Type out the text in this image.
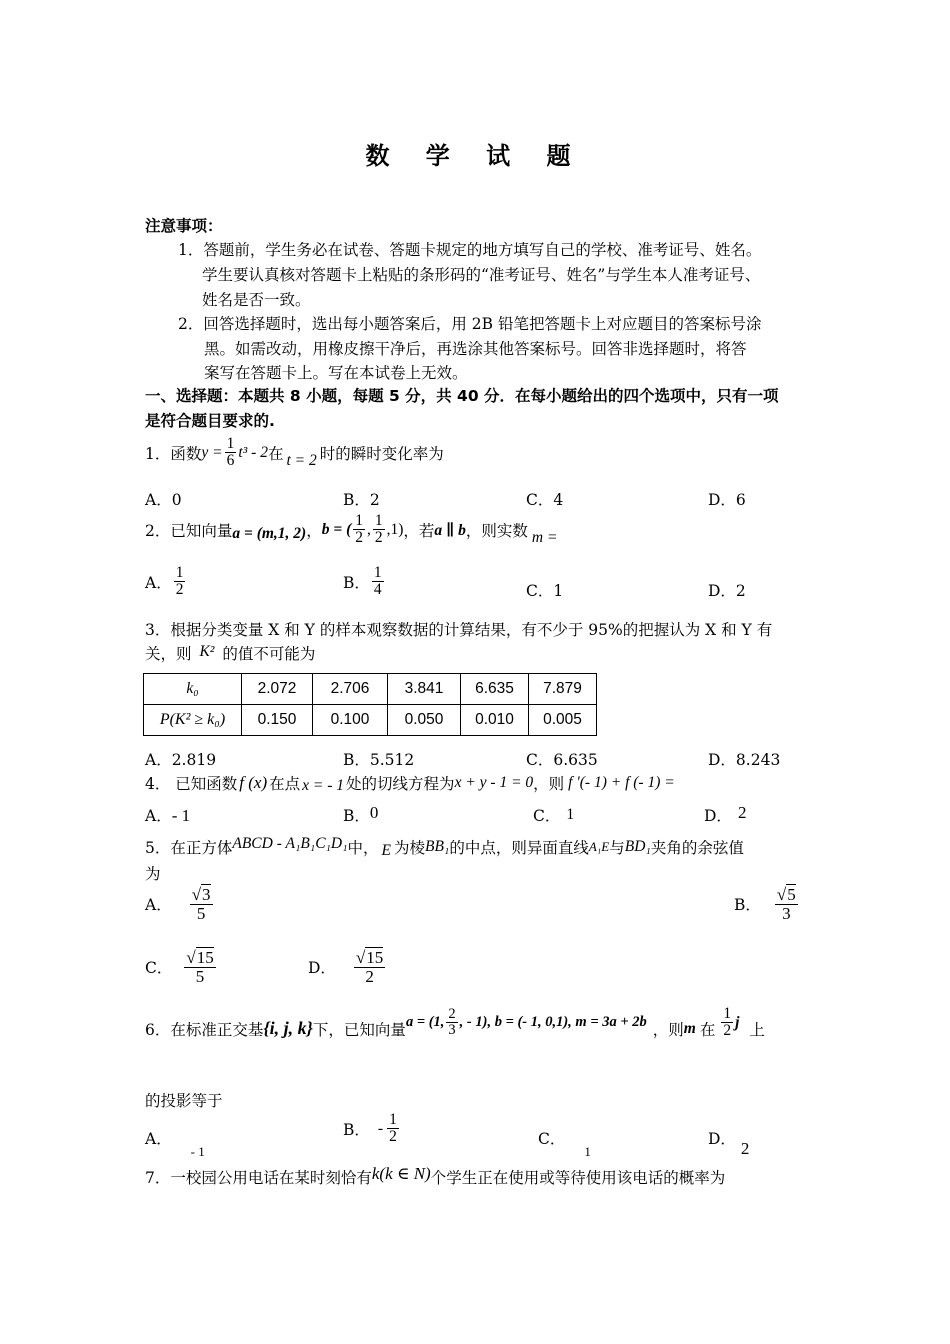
数 学 试 题
注意事项：
1．答题前，学生务必在试卷、答题卡规定的地方填写自己的学校、准考证号、姓名。
学生要认真核对答题卡上粘贴的条形码的“准考证号、姓名”与学生本人准考证号、
姓名是否一致。
2．回答选择题时，选出每小题答案后，用 2B 铅笔把答题卡上对应题目的答案标号涂
黑。如需改动，用橡皮擦干净后，再选涂其他答案标号。回答非选择题时，将答
案写在答题卡上。写在本试卷上无效。
一、选择题：本题共 8 小题，每题 5 分，共 40 分．在每小题给出的四个选项中，只有一项
是符合题目要求的.
1．函数 $y = \frac{1}{6} t^3 - 2$ 在 t = 2 时的瞬时变化率为
A．0	B．2	C．4	D．6
2．已知向量 a = (m,1, 2) ， b = ( $\frac{1}{2}$ , $\frac{1}{2} ,1$) ，若 a ∥ b ，则实数 m =
A． $\frac{1}{2}$	B． $\frac{1}{4}$	C．1	D．2
3．根据分类变量 X 和 Y 的样本观察数据的计算结果，有不少于 95%的把握认为 X 和 Y 有
关，则 K² 的值不可能为
k₀	2.072	2.706	3.841	6.635	7.879
P(K² ≥ k₀)	0.150	0.100	0.050	0.010	0.005
A．2.819	B．5.512	C．6.635	D．8.243
4． 已知函数 f (x) 在点 x = - 1 处的切线方程为 x + y - 1 = 0 ，则 f ′(- 1) + f (- 1) =
A．- 1	B．0	C． 1	D． 2
5．在正方体 ABCD - A₁B₁C₁D₁ 中， E 为棱 BB₁ 的中点，则异面直线 A₁E 与 BD₁ 夹角的余弦值
为
A． $\frac{√3}{5}$	B． $\frac{√5}{3}$
C． $\frac{√15}{5}$	D． $\frac{√15}{2}$
6．在标准正交基 {i, j, k} 下，已知向量 a = (1, $\frac{2}{3}$ , - 1), b = (- 1, 0,1), m = 3a + 2b ，则 m 在 $\frac{1}{2}$ j 上
的投影等于
A． $_{- 1}$
B． - $\frac{1}{2}$	C． $_1$
D． 2
7．一校园公用电话在某时刻恰有 k(k ∈ N) 个学生正在使用或等待使用该电话的概率为
